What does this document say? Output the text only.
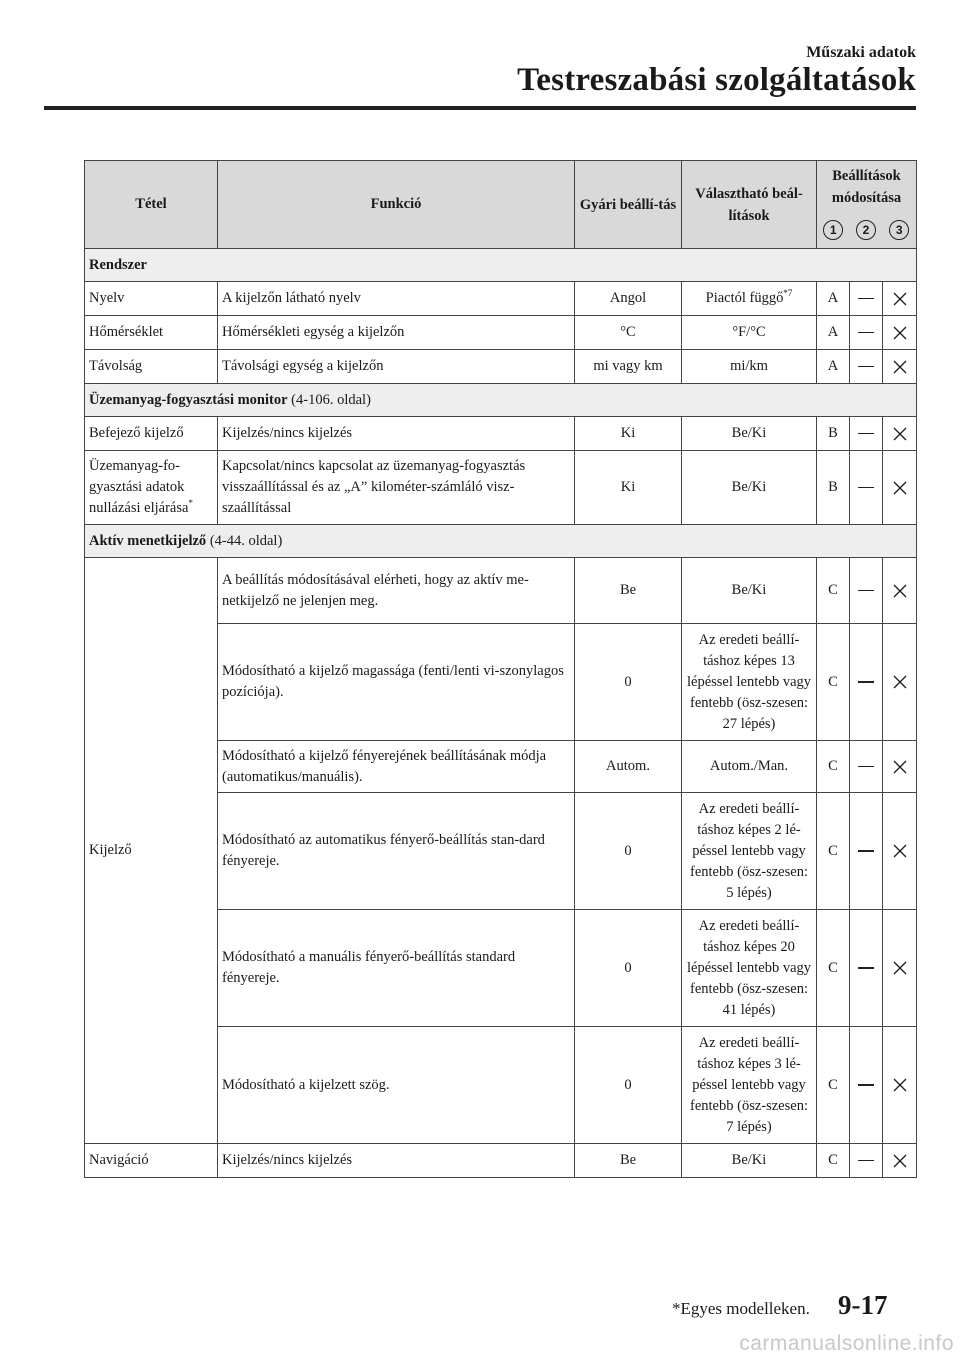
Műszaki adatok
Testreszabási szolgáltatások
Tétel	Funkció	Gyári beállí-tás	Választható beál-lítások	Beállítások módosítása		
				1	2	3
Rendszer						
Nyelv	A kijelzőn látható nyelv	Angol	Piactól függő$^{*7}$	A		
Hőmérséklet	Hőmérsékleti egység a kijelzőn	°C	°F/°C	A		
Távolság	Távolsági egység a kijelzőn	mi vagy km	mi/km	A		
Üzemanyag-fogyasztási monitor (4-106. oldal)						
Befejező kijelző	Kijelzés/nincs kijelzés	Ki	Be/Ki	B		
Üzemanyag-fo-gyasztási adatok nullázási eljárása*	Kapcsolat/nincs kapcsolat az üzemanyag-fogyasztás visszaállítással és az „A” kilométer-számláló visz-szaállítással	Ki	Be/Ki	B		
Aktív menetkijelző (4-44. oldal)						
Kijelző	A beállítás módosításával elérheti, hogy az aktív me-netkijelző ne jelenjen meg.	Be	Be/Ki	C		
	Módosítható a kijelző magassága (fenti/lenti vi-szonylagos pozíciója).	0	Az eredeti beállí-táshoz képes 13 lépéssel lentebb vagy fentebb (ösz-szesen: 27 lépés)	C		
	Módosítható a kijelző fényerejének beállításának módja (automatikus/manuális).	Autom.	Autom./Man.	C		
	Módosítható az automatikus fényerő-beállítás stan-dard fényereje.	0	Az eredeti beállí-táshoz képes 2 lé-péssel lentebb vagy fentebb (ösz-szesen: 5 lépés)	C		
	Módosítható a manuális fényerő-beállítás standard fényereje.	0	Az eredeti beállí-táshoz képes 20 lépéssel lentebb vagy fentebb (ösz-szesen: 41 lépés)	C		
	Módosítható a kijelzett szög.	0	Az eredeti beállí-táshoz képes 3 lé-péssel lentebb vagy fentebb (ösz-szesen: 7 lépés)	C		
Navigáció	Kijelzés/nincs kijelzés	Be	Be/Ki	C		
*Egyes modelleken. 9-17
carmanualsonline.info
